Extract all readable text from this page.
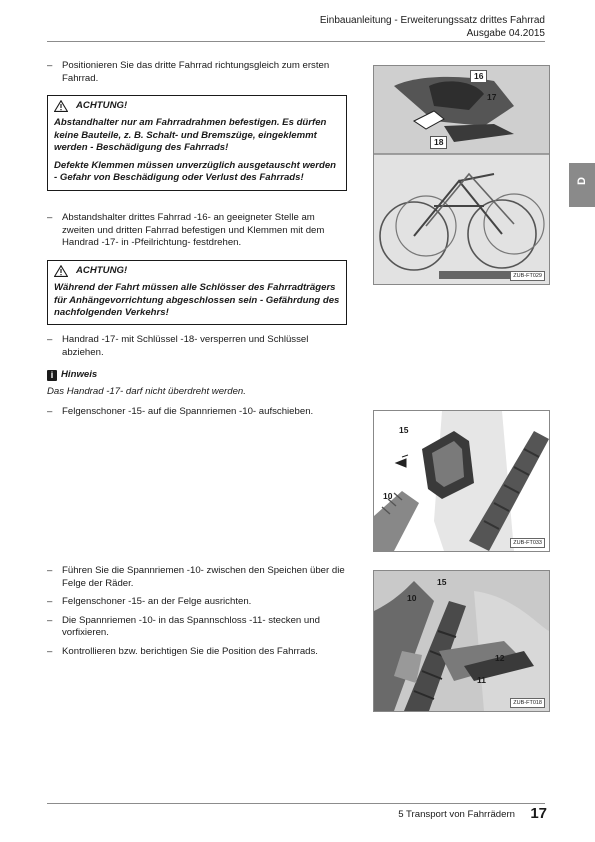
Einbauanleitung - Erweiterungssatz drittes Fahrrad
Ausgabe 04.2015
D
– Positionieren Sie das dritte Fahrrad richtungsgleich zum ersten Fahrrad.
ACHTUNG!

Abstandhalter nur am Fahrradrahmen befestigen. Es dürfen keine Bauteile, z. B. Schalt- und Bremszüge, eingeklemmt werden - Beschädigung des Fahrrads!

Defekte Klemmen müssen unverzüglich ausgetauscht werden - Gefahr von Beschädigung oder Verlust des Fahrrads!

– Abstandshalter drittes Fahrrad -16- an geeigneter Stelle am zweiten und dritten Fahrrad befestigen und Klemmen mit dem Handrad -17- in -Pfeilrichtung- festdrehen.
ACHTUNG!

Während der Fahrt müssen alle Schlösser des Fahrradträgers für Anhängevorrichtung abgeschlossen sein - Gefährdung des nachfolgenden Verkehrs!

– Handrad -17- mit Schlüssel -18- versperren und Schlüssel abziehen.
i Hinweis
Das Handrad -17- darf nicht überdreht werden.
– Felgenschoner -15- auf die Spannriemen -10- aufschieben.
– Führen Sie die Spannriemen -10- zwischen den Speichen über die Felge der Räder.
– Felgenschoner -15- an der Felge ausrichten.
– Die Spannriemen -10- in das Spannschloss -11- stecken und vorfixieren.
– Kontrollieren bzw. berichtigen Sie die Position des Fahrrads.
16
17
18
ZUB-FT029
15
10
ZUB-FT033
15
10
12
11
ZUB-FT018
5 Transport von Fahrrädern 17
